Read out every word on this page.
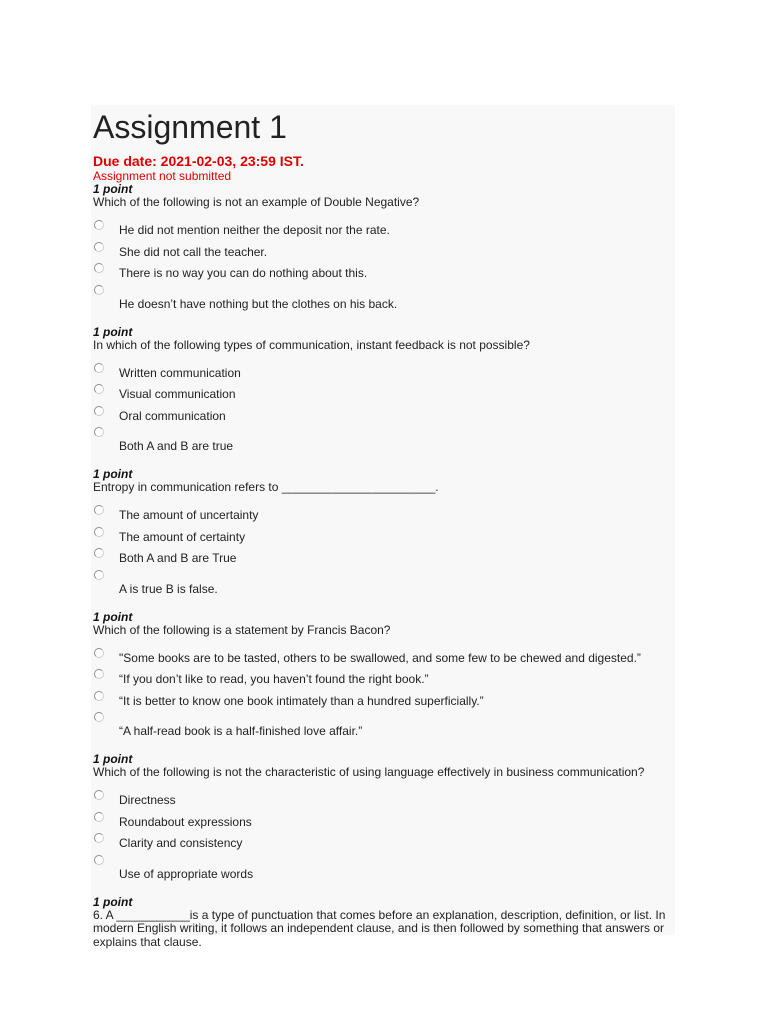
Assignment 1
Due date: 2021-02-03, 23:59 IST.
Assignment not submitted
1 point
Which of the following is not an example of Double Negative?
He did not mention neither the deposit nor the rate.
She did not call the teacher.
There is no way you can do nothing about this.
He doesn’t have nothing but the clothes on his back.
1 point
In which of the following types of communication, instant feedback is not possible?
Written communication
Visual communication
Oral communication
Both A and B are true
1 point
Entropy in communication refers to _______________________.
The amount of uncertainty
The amount of certainty
Both A and B are True
A is true B is false.
1 point
Which of the following is a statement by Francis Bacon?
"Some books are to be tasted, others to be swallowed, and some few to be chewed and digested.”
“If you don’t like to read, you haven’t found the right book.”
“It is better to know one book intimately than a hundred superficially.”
“A half-read book is a half-finished love affair.”
1 point
Which of the following is not the characteristic of using language effectively in business communication?
Directness
Roundabout expressions
Clarity and consistency
Use of appropriate words
1 point
6. A ___________is a type of punctuation that comes before an explanation, description, definition, or list. In modern English writing, it follows an independent clause, and is then followed by something that answers or explains that clause.
